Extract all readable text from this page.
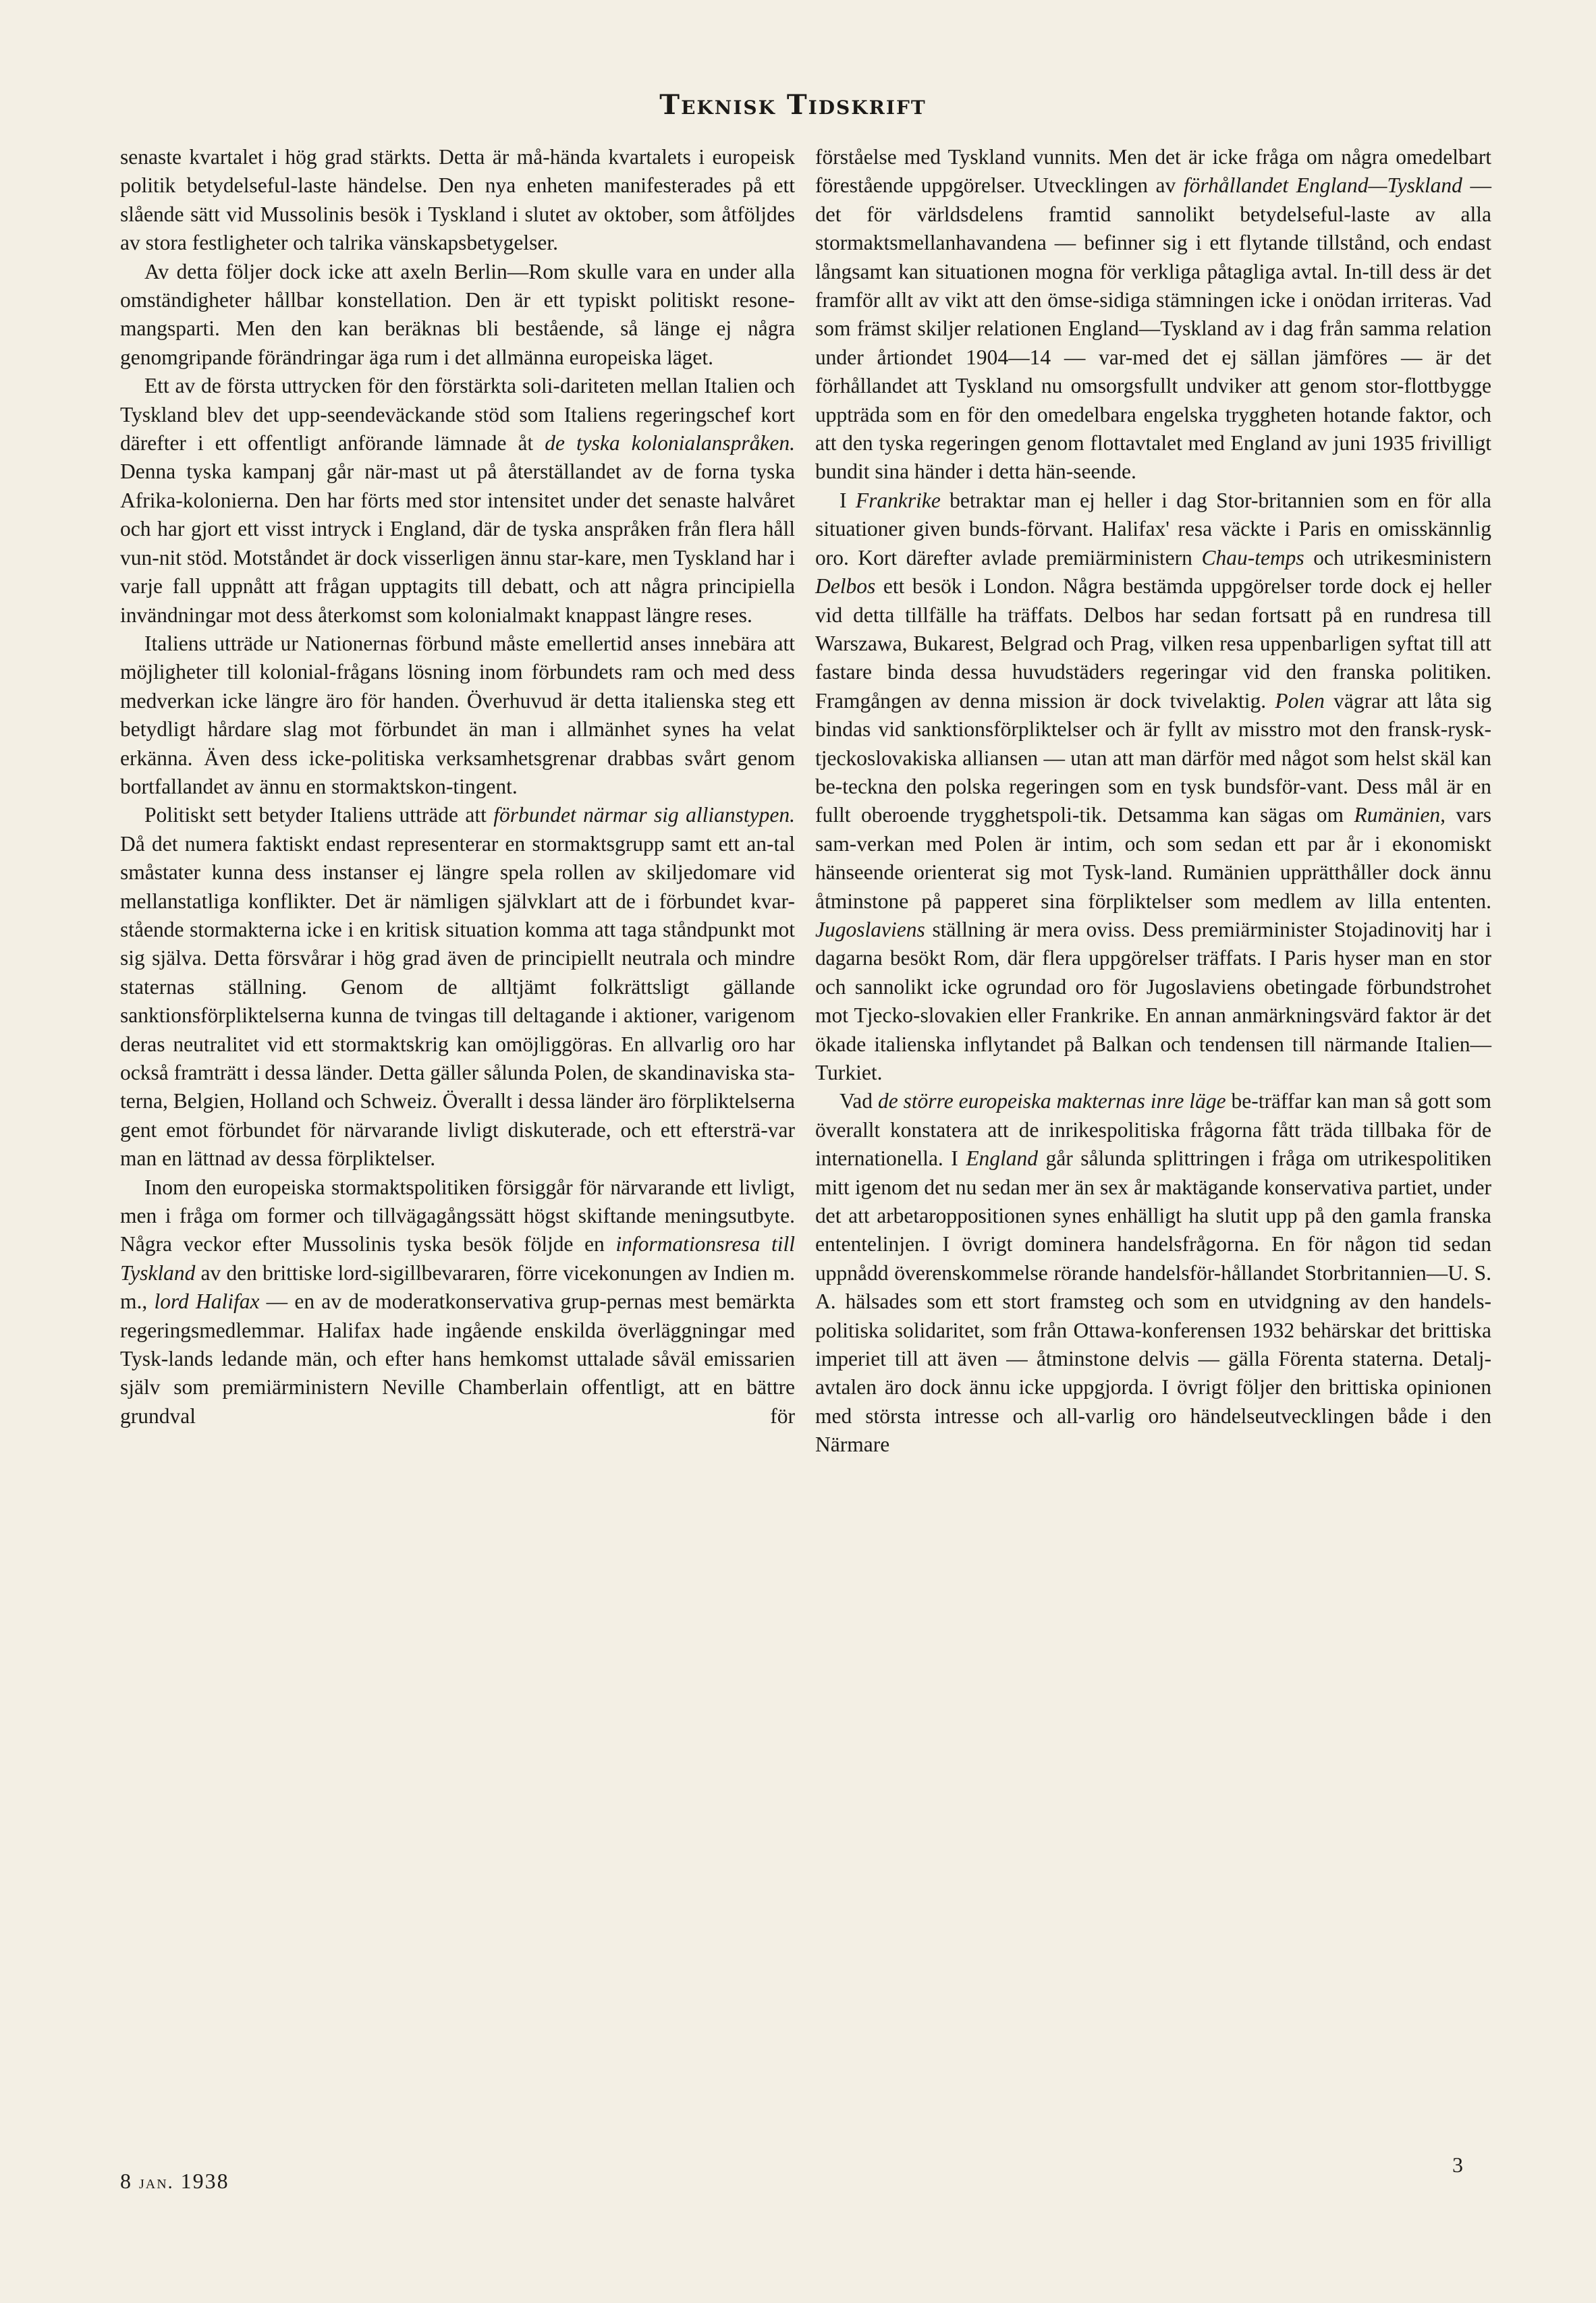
Teknisk Tidskrift

senaste kvartalet i hög grad stärkts. Detta är må-hända kvartalets i europeisk politik betydelseful-laste händelse. Den nya enheten manifesterades på ett slående sätt vid Mussolinis besök i Tyskland i slutet av oktober, som åtföljdes av stora festligheter och talrika vänskapsbetygelser.

Av detta följer dock icke att axeln Berlin—Rom skulle vara en under alla omständigheter hållbar konstellation. Den är ett typiskt politiskt resone-mangsparti. Men den kan beräknas bli bestående, så länge ej några genomgripande förändringar äga rum i det allmänna europeiska läget.

Ett av de första uttrycken för den förstärkta soli-dariteten mellan Italien och Tyskland blev det upp-seendeväckande stöd som Italiens regeringschef kort därefter i ett offentligt anförande lämnade åt de tyska kolonialanspråken. Denna tyska kampanj går när-mast ut på återställandet av de forna tyska Afrika-kolonierna. Den har förts med stor intensitet under det senaste halvåret och har gjort ett visst intryck i England, där de tyska anspråken från flera håll vun-nit stöd. Motståndet är dock visserligen ännu star-kare, men Tyskland har i varje fall uppnått att frågan upptagits till debatt, och att några principiella invändningar mot dess återkomst som kolonialmakt knappast längre reses.

Italiens utträde ur Nationernas förbund måste emellertid anses innebära att möjligheter till kolonial-frågans lösning inom förbundets ram och med dess medverkan icke längre äro för handen. Överhuvud är detta italienska steg ett betydligt hårdare slag mot förbundet än man i allmänhet synes ha velat erkänna. Även dess icke-politiska verksamhetsgrenar drabbas svårt genom bortfallandet av ännu en stormaktskon-tingent.

Politiskt sett betyder Italiens utträde att förbundet närmar sig allianstypen. Då det numera faktiskt endast representerar en stormaktsgrupp samt ett an-tal småstater kunna dess instanser ej längre spela rollen av skiljedomare vid mellanstatliga konflikter. Det är nämligen självklart att de i förbundet kvar-stående stormakterna icke i en kritisk situation komma att taga ståndpunkt mot sig själva. Detta försvårar i hög grad även de principiellt neutrala och mindre staternas ställning. Genom de alltjämt folkrättsligt gällande sanktionsförpliktelserna kunna de tvingas till deltagande i aktioner, varigenom deras neutralitet vid ett stormaktskrig kan omöjliggöras. En allvarlig oro har också framträtt i dessa länder. Detta gäller sålunda Polen, de skandinaviska sta-terna, Belgien, Holland och Schweiz. Överallt i dessa länder äro förpliktelserna gent emot förbundet för närvarande livligt diskuterade, och ett eftersträ-var man en lättnad av dessa förpliktelser.

Inom den europeiska stormaktspolitiken försiggår för närvarande ett livligt, men i fråga om former och tillvägagångssätt högst skiftande meningsutbyte. Några veckor efter Mussolinis tyska besök följde en informationsresa till Tyskland av den brittiske lord-sigillbevararen, förre vicekonungen av Indien m. m., lord Halifax — en av de moderatkonservativa grup-pernas mest bemärkta regeringsmedlemmar. Halifax hade ingående enskilda överläggningar med Tysk-lands ledande män, och efter hans hemkomst uttalade såväl emissarien själv som premiärministern Neville Chamberlain offentligt, att en bättre grundval för

förståelse med Tyskland vunnits. Men det är icke fråga om några omedelbart förestående uppgörelser. Utvecklingen av förhållandet England—Tyskland — det för världsdelens framtid sannolikt betydelseful-laste av alla stormaktsmellanhavandena — befinner sig i ett flytande tillstånd, och endast långsamt kan situationen mogna för verkliga påtagliga avtal. In-till dess är det framför allt av vikt att den ömse-sidiga stämningen icke i onödan irriteras. Vad som främst skiljer relationen England—Tyskland av i dag från samma relation under årtiondet 1904—14 — var-med det ej sällan jämföres — är det förhållandet att Tyskland nu omsorgsfullt undviker att genom stor-flottbygge uppträda som en för den omedelbara engelska tryggheten hotande faktor, och att den tyska regeringen genom flottavtalet med England av juni 1935 frivilligt bundit sina händer i detta hän-seende.

I Frankrike betraktar man ej heller i dag Stor-britannien som en för alla situationer given bunds-förvant. Halifax' resa väckte i Paris en omisskännlig oro. Kort därefter avlade premiärministern Chau-temps och utrikesministern Delbos ett besök i London. Några bestämda uppgörelser torde dock ej heller vid detta tillfälle ha träffats. Delbos har sedan fortsatt på en rundresa till Warszawa, Bukarest, Belgrad och Prag, vilken resa uppenbarligen syftat till att fastare binda dessa huvudstäders regeringar vid den franska politiken. Framgången av denna mission är dock tvivelaktig. Polen vägrar att låta sig bindas vid sanktionsförpliktelser och är fyllt av misstro mot den fransk-rysk-tjeckoslovakiska alliansen — utan att man därför med något som helst skäl kan be-teckna den polska regeringen som en tysk bundsför-vant. Dess mål är en fullt oberoende trygghetspoli-tik. Detsamma kan sägas om Rumänien, vars sam-verkan med Polen är intim, och som sedan ett par år i ekonomiskt hänseende orienterat sig mot Tysk-land. Rumänien upprätthåller dock ännu åtminstone på papperet sina förpliktelser som medlem av lilla ententen. Jugoslaviens ställning är mera oviss. Dess premiärminister Stojadinovitj har i dagarna besökt Rom, där flera uppgörelser träffats. I Paris hyser man en stor och sannolikt icke ogrundad oro för Jugoslaviens obetingade förbundstrohet mot Tjecko-slovakien eller Frankrike. En annan anmärkningsvärd faktor är det ökade italienska inflytandet på Balkan och tendensen till närmande Italien—Turkiet.

Vad de större europeiska makternas inre läge be-träffar kan man så gott som överallt konstatera att de inrikespolitiska frågorna fått träda tillbaka för de internationella. I England går sålunda splittringen i fråga om utrikespolitiken mitt igenom det nu sedan mer än sex år maktägande konservativa partiet, under det att arbetaroppositionen synes enhälligt ha slutit upp på den gamla franska ententelinjen. I övrigt dominera handelsfrågorna. En för någon tid sedan uppnådd överenskommelse rörande handelsför-hållandet Storbritannien—U. S. A. hälsades som ett stort framsteg och som en utvidgning av den handels-politiska solidaritet, som från Ottawa-konferensen 1932 behärskar det brittiska imperiet till att även — åtminstone delvis — gälla Förenta staterna. Detalj-avtalen äro dock ännu icke uppgjorda. I övrigt följer den brittiska opinionen med största intresse och all-varlig oro händelseutvecklingen både i den Närmare

8 jan. 1938
3
